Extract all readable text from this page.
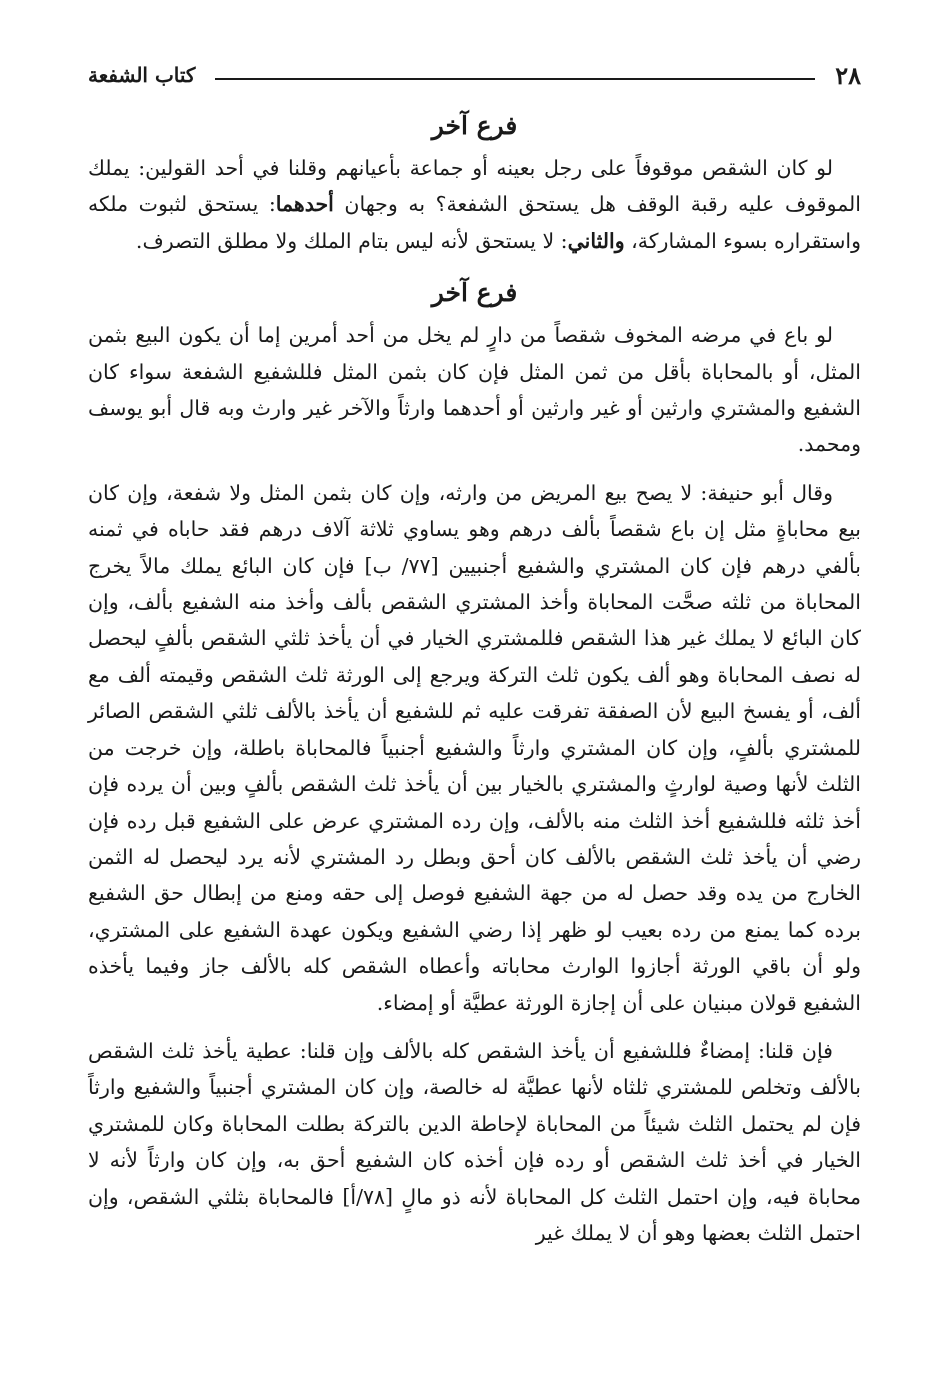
٢٨
كتاب الشفعة
فرع آخر

لو كان الشقص موقوفاً على رجل بعينه أو جماعة بأعيانهم وقلنا في أحد القولين: يملك الموقوف عليه رقبة الوقف هل يستحق الشفعة؟ به وجهان أحدهما: يستحق لثبوت ملكه واستقراره بسوء المشاركة، والثاني: لا يستحق لأنه ليس بتام الملك ولا مطلق التصرف.

فرع آخر

لو باع في مرضه المخوف شقصاً من دارٍ لم يخل من أحد أمرين إما أن يكون البيع بثمن المثل، أو بالمحاباة بأقل من ثمن المثل فإن كان بثمن المثل فللشفيع الشفعة سواء كان الشفيع والمشتري وارثين أو غير وارثين أو أحدهما وارثاً والآخر غير وارث وبه قال أبو يوسف ومحمد.

وقال أبو حنيفة: لا يصح بيع المريض من وارثه، وإن كان بثمن المثل ولا شفعة، وإن كان بيع محاباةٍ مثل إن باع شقصاً بألف درهم وهو يساوي ثلاثة آلاف درهم فقد حاباه في ثمنه بألفي درهم فإن كان المشتري والشفيع أجنبيين [٧٧/ ب] فإن كان البائع يملك مالاً يخرج المحاباة من ثلثه صحَّت المحاباة وأخذ المشتري الشقص بألف وأخذ منه الشفيع بألف، وإن كان البائع لا يملك غير هذا الشقص فللمشتري الخيار في أن يأخذ ثلثي الشقص بألفٍ ليحصل له نصف المحاباة وهو ألف يكون ثلث التركة ويرجع إلى الورثة ثلث الشقص وقيمته ألف مع ألف، أو يفسخ البيع لأن الصفقة تفرقت عليه ثم للشفيع أن يأخذ بالألف ثلثي الشقص الصائر للمشتري بألفٍ، وإن كان المشتري وارثاً والشفيع أجنبياً فالمحاباة باطلة، وإن خرجت من الثلث لأنها وصية لوارثٍ والمشتري بالخيار بين أن يأخذ ثلث الشقص بألفٍ وبين أن يرده فإن أخذ ثلثه فللشفيع أخذ الثلث منه بالألف، وإن رده المشتري عرض على الشفيع قبل رده فإن رضي أن يأخذ ثلث الشقص بالألف كان أحق وبطل رد المشتري لأنه يرد ليحصل له الثمن الخارج من يده وقد حصل له من جهة الشفيع فوصل إلى حقه ومنع من إبطال حق الشفيع برده كما يمنع من رده بعيب لو ظهر إذا رضي الشفيع ويكون عهدة الشفيع على المشتري، ولو أن باقي الورثة أجازوا الوارث محاباته وأعطاه الشقص كله بالألف جاز وفيما يأخذه الشفيع قولان مبنيان على أن إجازة الورثة عطيَّة أو إمضاء.

فإن قلنا: إمضاءٌ فللشفيع أن يأخذ الشقص كله بالألف وإن قلنا: عطية يأخذ ثلث الشقص بالألف وتخلص للمشتري ثلثاه لأنها عطيَّة له خالصة، وإن كان المشتري أجنبياً والشفيع وارثاً فإن لم يحتمل الثلث شيئاً من المحاباة لإحاطة الدين بالتركة بطلت المحاباة وكان للمشتري الخيار في أخذ ثلث الشقص أو رده فإن أخذه كان الشفيع أحق به، وإن كان وارثاً لأنه لا محاباة فيه، وإن احتمل الثلث كل المحاباة لأنه ذو مالٍ [٧٨/أ] فالمحاباة بثلثي الشقص، وإن احتمل الثلث بعضها وهو أن لا يملك غير
